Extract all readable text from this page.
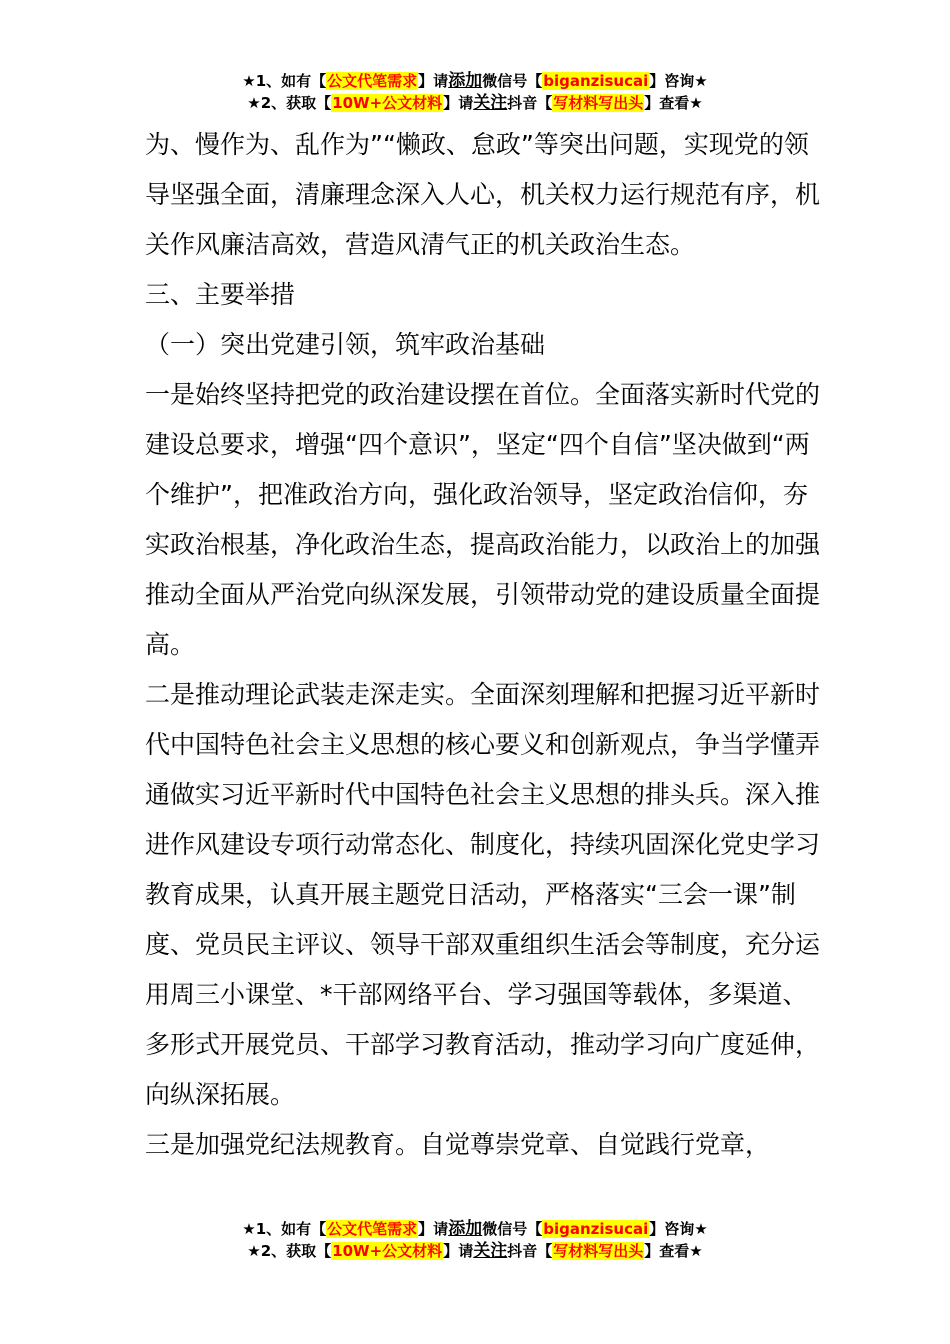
★1、如有【公文代笔需求】请添加微信号【biganzisucai】咨询★
★2、获取【10W+公文材料】请关注抖音【写材料写出头】查看★

为、慢作为、乱作为”“懒政、怠政”等突出问题，实现党的领导坚强全面，清廉理念深入人心，机关权力运行规范有序，机关作风廉洁高效，营造风清气正的机关政治生态。

三、主要举措

（一）突出党建引领，筑牢政治基础

一是始终坚持把党的政治建设摆在首位。全面落实新时代党的建设总要求，增强“四个意识”，坚定“四个自信”坚决做到“两个维护”，把准政治方向，强化政治领导，坚定政治信仰，夯实政治根基，净化政治生态，提高政治能力，以政治上的加强推动全面从严治党向纵深发展，引领带动党的建设质量全面提高。

二是推动理论武装走深走实。全面深刻理解和把握习近平新时代中国特色社会主义思想的核心要义和创新观点，争当学懂弄通做实习近平新时代中国特色社会主义思想的排头兵。深入推进作风建设专项行动常态化、制度化，持续巩固深化党史学习教育成果，认真开展主题党日活动，严格落实“三会一课”制度、党员民主评议、领导干部双重组织生活会等制度，充分运用周三小课堂、*干部网络平台、学习强国等载体，多渠道、多形式开展党员、干部学习教育活动，推动学习向广度延伸，向纵深拓展。

三是加强党纪法规教育。自觉尊崇党章、自觉践行党章，

★1、如有【公文代笔需求】请添加微信号【biganzisucai】咨询★
★2、获取【10W+公文材料】请关注抖音【写材料写出头】查看★
